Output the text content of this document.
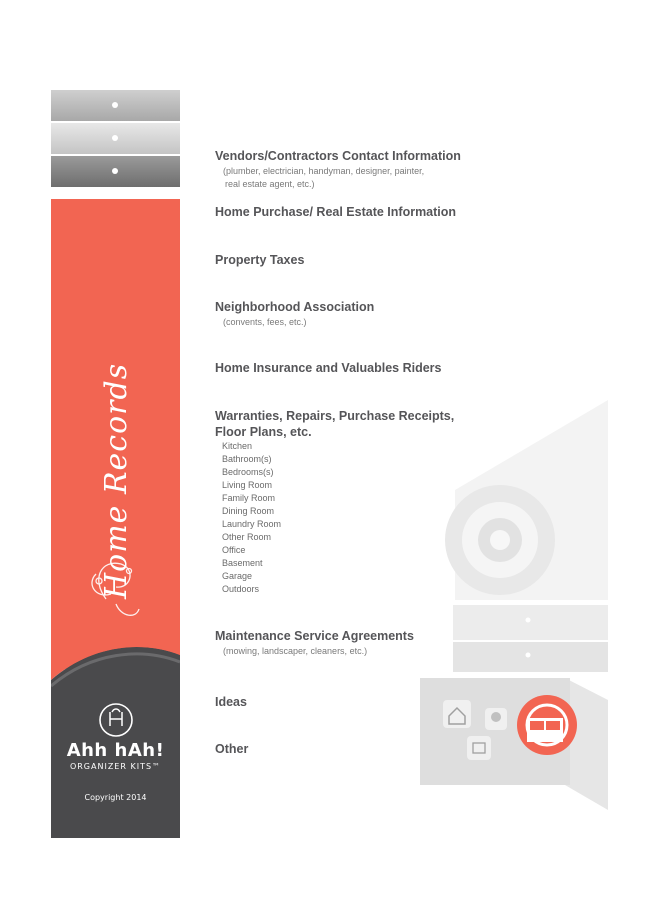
Home Records
Ahh hAh!
ORGANIZER KITS™
Copyright 2014
Vendors/Contractors Contact Information
(plumber, electrician, handyman, designer, painter,
real estate agent, etc.)
Home Purchase/ Real Estate Information
Property Taxes
Neighborhood Association
(convents, fees, etc.)
Home Insurance and Valuables Riders
Warranties, Repairs, Purchase Receipts,
Floor Plans, etc.
Kitchen
Bathroom(s)
Bedrooms(s)
Living Room
Family Room
Dining Room
Laundry Room
Other Room
Office
Basement
Garage
Outdoors
Maintenance Service Agreements
(mowing, landscaper, cleaners, etc.)
Ideas
Other
